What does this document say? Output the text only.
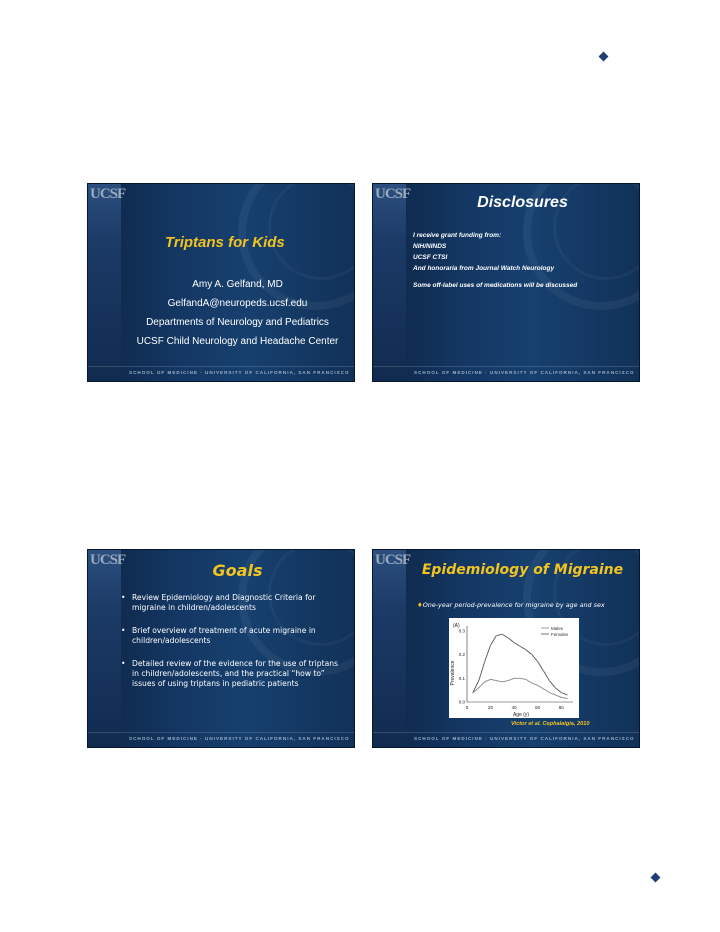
UCSF
Triptans for Kids
Amy A. Gelfand, MD
GelfandA@neuropeds.ucsf.edu
Departments of Neurology and Pediatrics
UCSF Child Neurology and Headache Center
SCHOOL OF MEDICINE · UNIVERSITY OF CALIFORNIA, SAN FRANCISCO
UCSF	Disclosures
I receive grant funding from:
NIH/NINDS
UCSF CTSI
And honoraria from Journal Watch Neurology
Some off-label uses of medications will be discussed
SCHOOL OF MEDICINE · UNIVERSITY OF CALIFORNIA, SAN FRANCISCO
UCSF
Goals
• Review Epidemiology and Diagnostic Criteria for migraine in children/adolescents
• Brief overview of treatment of acute migraine in children/adolescents
• Detailed review of the evidence for the use of triptans in children/adolescents, and the practical “how to” issues of using triptans in pediatric patients
SCHOOL OF MEDICINE · UNIVERSITY OF CALIFORNIA, SAN FRANCISCO
UCSF
Epidemiology of Migraine
♦One-year period-prevalence for migraine by age and sex
(A)
Prevalence
Age (y)
0	20	40	60	80
0.0
0.1
0.2
0.3	Males
Females
Victor et al. Cephalalgia, 2010
SCHOOL OF MEDICINE · UNIVERSITY OF CALIFORNIA, SAN FRANCISCO
